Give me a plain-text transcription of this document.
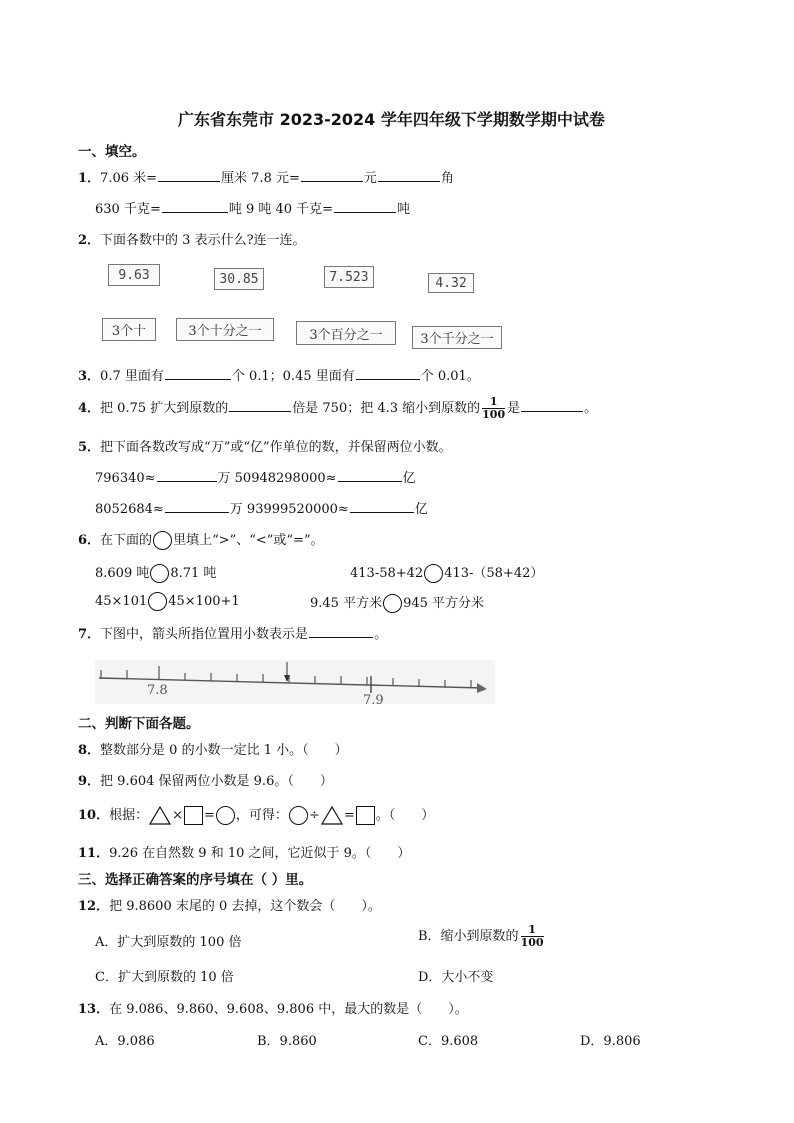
广东省东莞市 2023-2024 学年四年级下学期数学期中试卷
一、填空。
1．7.06 米=	厘米 7.8 元=	元	角
630 千克=	吨 9 吨 40 千克=	吨
2．下面各数中的 3 表示什么?连一连。
9.63	30.85	7.523	4.32
3个十	3个十分之一	3个百分之一	3个千分之一
3．0.7 里面有	个 0.1；0.45 里面有	个 0.01。
4．把 0.75 扩大到原数的	倍是 750；把 4.3 缩小到原数的 $\frac{1}{100}$ 是	。
5．把下面各数改写成“万”或“亿”作单位的数，并保留两位小数。
796340≈	万 50948298000≈	亿
8052684≈	万 93999520000≈	亿
6．在下面的 里填上“>”、“<”或“=”。
8.609 吨 8.71 吨	413-58+42 413-（58+42）
45×101 45×100+1	9.45 平方米 945 平方分米
7．下图中，箭头所指位置用小数表示是	。
7.8
7.9
二、判断下面各题。
8．整数部分是 0 的小数一定比 1 小。（　　）
9．把 9.604 保留两位小数是 9.6。（　　）
10．根据： × = ，可得： ÷ = 。（　　）
11．9.26 在自然数 9 和 10 之间，它近似于 9。（　　）
三、选择正确答案的序号填在（ ）里。
12．把 9.8600 末尾的 0 去掉，这个数会（　　）。
A．扩大到原数的 100 倍	B．缩小到原数的 $\frac{1}{100}$
C．扩大到原数的 10 倍	D．大小不变
13．在 9.086、9.860、9.608、9.806 中，最大的数是（　　）。
A．9.086	B．9.860	C．9.608	D．9.806
